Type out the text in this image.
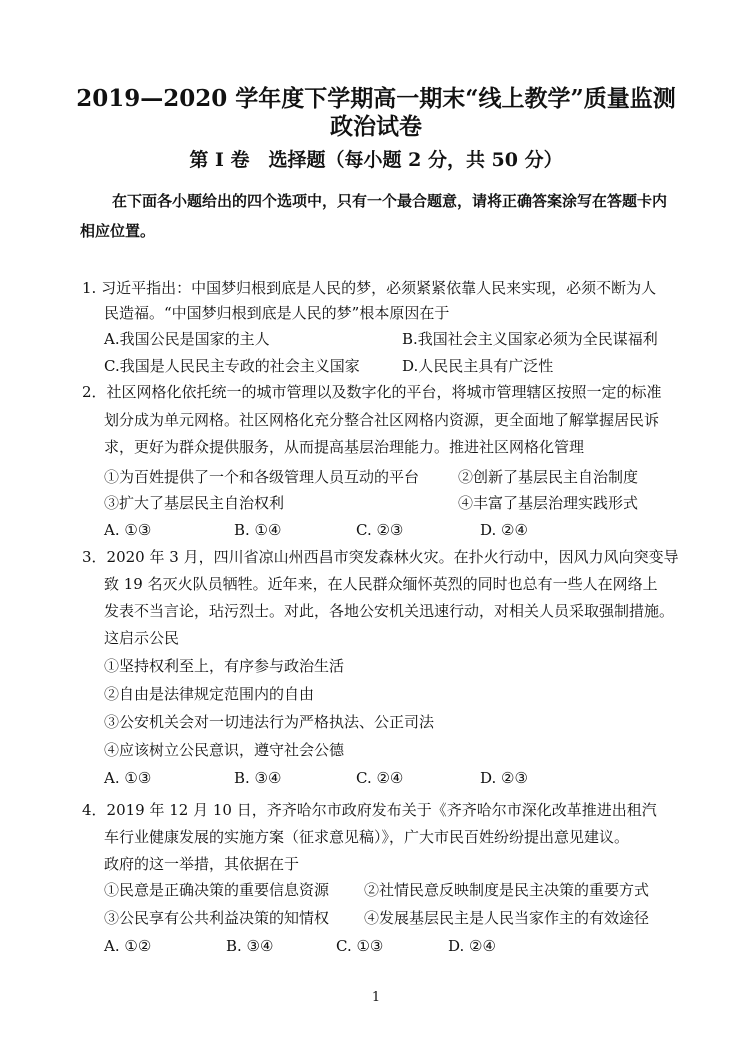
2019—2020 学年度下学期高一期末“线上教学”质量监测
政治试卷
第 I 卷　选择题（每小题 2 分，共 50 分）
在下面各小题给出的四个选项中，只有一个最合题意，请将正确答案涂写在答题卡内相应位置。
1. 习近平指出：中国梦归根到底是人民的梦，必须紧紧依靠人民来实现，必须不断为人
民造福。“中国梦归根到底是人民的梦”根本原因在于
A.我国公民是国家的主人	B.我国社会主义国家必须为全民谋福利
C.我国是人民民主专政的社会主义国家	D.人民民主具有广泛性
2．社区网格化依托统一的城市管理以及数字化的平台，将城市管理辖区按照一定的标准
划分成为单元网格。社区网格化充分整合社区网格内资源，更全面地了解掌握居民诉
求，更好为群众提供服务，从而提高基层治理能力。推进社区网格化管理
①为百姓提供了一个和各级管理人员互动的平台	②创新了基层民主自治制度
③扩大了基层民主自治权利	④丰富了基层治理实践形式
A. ①③	B. ①④	C. ②③	D. ②④
3．2020 年 3 月，四川省凉山州西昌市突发森林火灾。在扑火行动中，因风力风向突变导
致 19 名灭火队员牺牲。近年来，在人民群众缅怀英烈的同时也总有一些人在网络上
发表不当言论，玷污烈士。对此，各地公安机关迅速行动，对相关人员采取强制措施。
这启示公民
①坚持权利至上，有序参与政治生活
②自由是法律规定范围内的自由
③公安机关会对一切违法行为严格执法、公正司法
④应该树立公民意识，遵守社会公德
A. ①③	B. ③④	C. ②④	D. ②③
4．2019 年 12 月 10 日，齐齐哈尔市政府发布关于《齐齐哈尔市深化改革推进出租汽
车行业健康发展的实施方案（征求意见稿）》，广大市民百姓纷纷提出意见建议。
政府的这一举措，其依据在于
①民意是正确决策的重要信息资源 ②社情民意反映制度是民主决策的重要方式
③公民享有公共利益决策的知情权 ④发展基层民主是人民当家作主的有效途径
A. ①②	B. ③④	C. ①③	D. ②④
1
